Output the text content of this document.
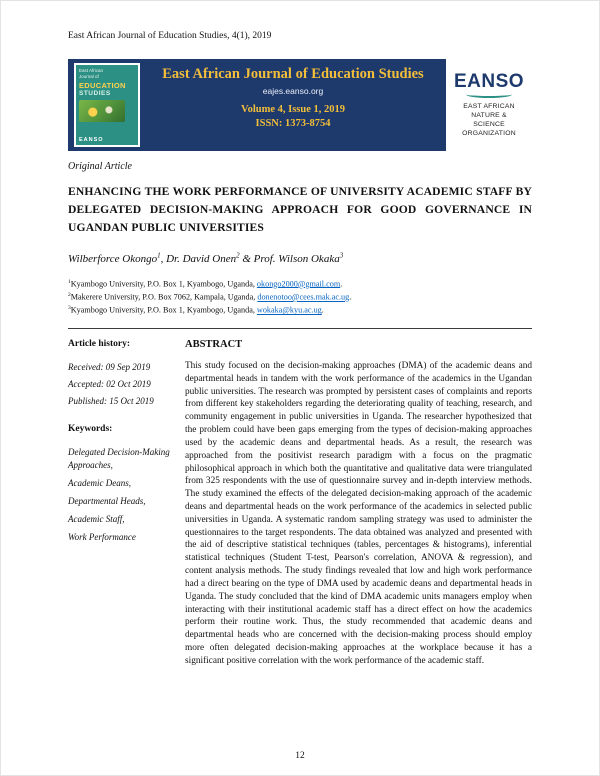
East African Journal of Education Studies, 4(1), 2019
East African
Journal of
EDUCATION
STUDIES
EANSO
East African Journal of Education Studies
eajes.eanso.org
Volume 4, Issue 1, 2019
ISSN: 1373-8754
EANSO
EAST AFRICAN
NATURE &
SCIENCE
ORGANIZATION
Original Article
ENHANCING THE WORK PERFORMANCE OF UNIVERSITY ACADEMIC STAFF BY DELEGATED DECISION-MAKING APPROACH FOR GOOD GOVERNANCE IN UGANDAN PUBLIC UNIVERSITIES
Wilberforce Okongo$^1$, Dr. David Onen$^2$ & Prof. Wilson Okaka$^3$
$^1$Kyambogo University, P.O. Box 1, Kyambogo, Uganda, okongo2000@gmail.com.
$^2$Makerere University, P.O. Box 7062, Kampala, Uganda, donenotoo@cees.mak.ac.ug.
$^3$Kyambogo University, P.O. Box 1, Kyambogo, Uganda, wokaka@kyu.ac.ug.
Article history:
Received: 09 Sep 2019
Accepted: 02 Oct 2019
Published: 15 Oct 2019
Keywords:
Delegated Decision-Making Approaches,
Academic Deans,
Departmental Heads,
Academic Staff,
Work Performance
ABSTRACT

This study focused on the decision-making approaches (DMA) of the academic deans and departmental heads in tandem with the work performance of the academics in the Ugandan public universities. The research was prompted by persistent cases of complaints and reports from different key stakeholders regarding the deteriorating quality of teaching, research, and community engagement in public universities in Uganda. The researcher hypothesized that the problem could have been gaps emerging from the types of decision-making approaches used by the academic deans and departmental heads. As a result, the research was approached from the positivist research paradigm with a focus on the pragmatic philosophical approach in which both the quantitative and qualitative data were triangulated from 325 respondents with the use of questionnaire survey and in-depth interview methods. The study examined the effects of the delegated decision-making approach of the academic deans and departmental heads on the work performance of the academics in selected public universities in Uganda. A systematic random sampling strategy was used to administer the questionnaires to the target respondents. The data obtained was analyzed and presented with the aid of descriptive statistical techniques (tables, percentages & histograms), inferential statistical techniques (Student T-test, Pearson's correlation, ANOVA & regression), and content analysis methods. The study findings revealed that low and high work performance had a direct bearing on the type of DMA used by academic deans and departmental heads in Uganda. The study concluded that the kind of DMA academic units managers employ when interacting with their institutional academic staff has a direct effect on how the academics perform their routine work. Thus, the study recommended that academic deans and departmental heads who are concerned with the decision-making process should employ more often delegated decision-making approaches at the workplace because it has a significant positive correlation with the work performance of the academic staff.

12
